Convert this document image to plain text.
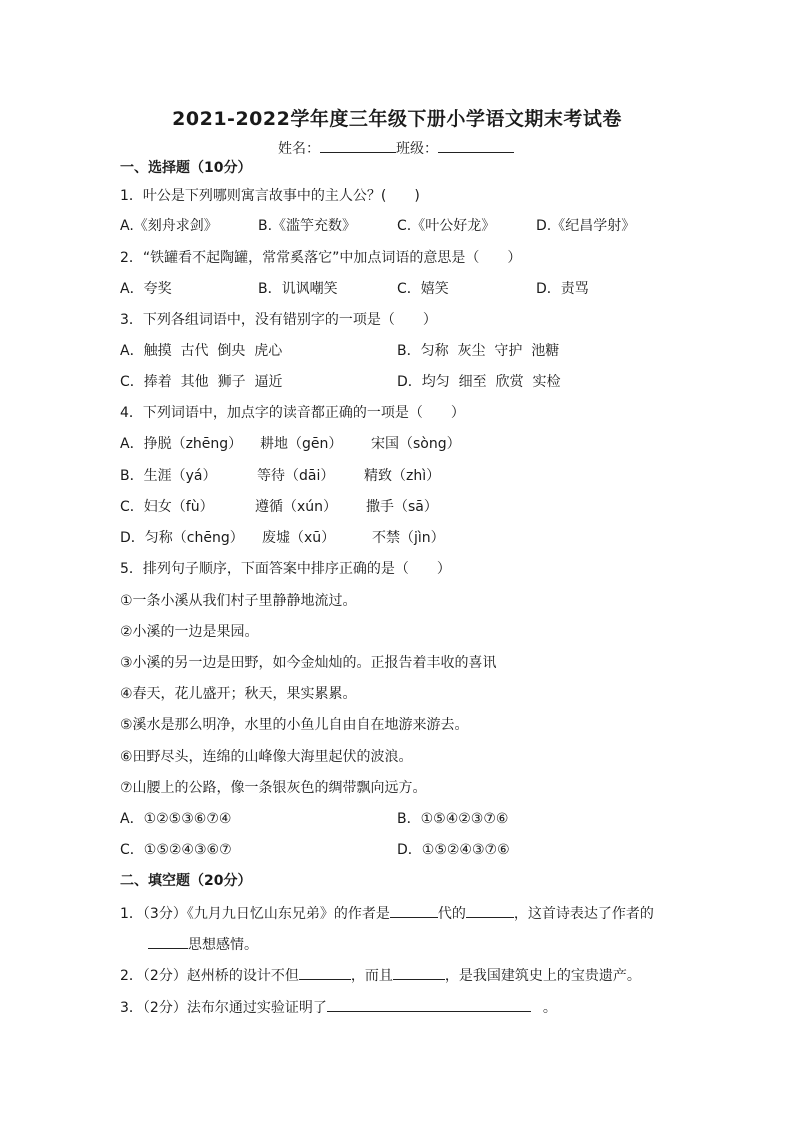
2021-2022学年度三年级下册小学语文期末考试卷
姓名：	班级：
一、选择题（10分）
1．叶公是下列哪则寓言故事中的主人公？(　　)
A.《刻舟求剑》	B.《滥竽充数》	C.《叶公好龙》	D.《纪昌学射》
2．“铁罐看不起陶罐，常常奚落它”中加点词语的意思是（　　）
A．夸奖	B．讥讽嘲笑	C．嬉笑	D．责骂
3．下列各组词语中，没有错别字的一项是（　　）
A．触摸  古代  倒央  虎心	B．匀称  灰尘  守护  池糖
C．捧着  其他  狮子  逼近	D．均匀  细至  欣赏  实检
4．下列词语中，加点字的读音都正确的一项是（　　）
A．挣脱（zhēng） 耕地（gēn） 宋国（sòng）
B．生涯（yá）	等待（dāi） 精致（zhì）
C．妇女（fù）	遵循（xún） 撒手（sā）
D．匀称（chēng） 废墟（xū）	不禁（jìn）
5．排列句子顺序，下面答案中排序正确的是（　　）
①一条小溪从我们村子里静静地流过。
②小溪的一边是果园。
③小溪的另一边是田野，如今金灿灿的。正报告着丰收的喜讯
④春天，花儿盛开；秋天，果实累累。
⑤溪水是那么明净，水里的小鱼儿自由自在地游来游去。
⑥田野尽头，连绵的山峰像大海里起伏的波浪。
⑦山腰上的公路，像一条银灰色的绸带飘向远方。
A．①②⑤③⑥⑦④	B．①⑤④②③⑦⑥
C．①⑤②④③⑥⑦	D．①⑤②④③⑦⑥
二、填空题（20分）
1．（3分）《九月九日忆山东兄弟》的作者是	代的	，这首诗表达了作者的
思想感情。
2．（2分）赵州桥的设计不但	，而且	，是我国建筑史上的宝贵遗产。
3．（2分）法布尔通过实验证明了	。
